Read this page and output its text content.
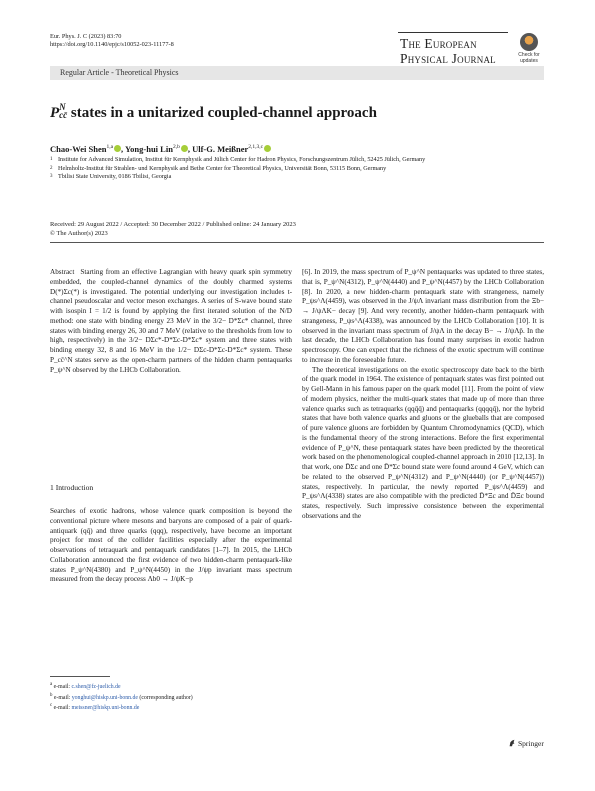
Eur. Phys. J. C (2023) 83:70
https://doi.org/10.1140/epjc/s10052-023-11177-8	The European
Physical Journal	Check for updates
Regular Article - Theoretical Physics
P N
cc̄ states in a unitarized coupled-channel approach
Chao-Wei Shen$^{1,a}$ , Yong-hui Lin$^{2,b}$ , Ulf-G. Meißner$^{2,1,3,c}$
1 Institute for Advanced Simulation, Institut für Kernphysik and Jülich Center for Hadron Physics, Forschungszentrum Jülich, 52425 Jülich, Germany
2 Helmholtz-Institut für Strahlen- und Kernphysik and Bethe Center for Theoretical Physics, Universität Bonn, 53115 Bonn, Germany
3 Tbilisi State University, 0186 Tbilisi, Georgia
Received: 29 August 2022 / Accepted: 30 December 2022 / Published online: 24 January 2023
© The Author(s) 2023

Abstract Starting from an effective Lagrangian with heavy quark spin symmetry embedded, the coupled-channel dynamics of the doubly charmed systems D(*)Σc(*) is investigated. The potential underlying our investigation includes t-channel pseudoscalar and vector meson exchanges. A series of S-wave bound state with isospin I = 1/2 is found by applying the first iterated solution of the N/D method: one state with binding energy 23 MeV in the 3/2− D*Σc* channel, three states with binding energy 26, 30 and 7 MeV (relative to the thresholds from low to high, respectively) in the 3/2− DΣc*-D*Σc-D*Σc* system and three states with binding energy 32, 8 and 16 MeV in the 1/2− DΣc-D*Σc-D*Σc* system. These P_cc̄^N states serve as the open-charm partners of the hidden charm pentaquarks P_ψ^N observed by the LHCb Collaboration.

1 Introduction

Searches of exotic hadrons, whose valence quark composition is beyond the conventional picture where mesons and baryons are composed of a pair of quark-antiquark (qq̄) and three quarks (qqq), respectively, have become an important project for most of the collider facilities especially after the experimental observations of tetraquark and pentaquark candidates [1–7]. In 2015, the LHCb Collaboration announced the first evidence of two hidden-charm pentaquark-like states P_ψ^N(4380) and P_ψ^N(4450) in the J/ψp invariant mass spectrum measured from the decay process Λb0 → J/ψK−p

[6]. In 2019, the mass spectrum of P_ψ^N pentaquarks was updated to three states, that is, P_ψ^N(4312), P_ψ^N(4440) and P_ψ^N(4457) by the LHCb Collaboration [8]. In 2020, a new hidden-charm pentaquark state with strangeness, namely P_ψs^Λ(4459), was observed in the J/ψΛ invariant mass distribution from the Ξb− → J/ψΛK− decay [9]. And very recently, another hidden-charm pentaquark with strangeness, P_ψs^Λ(4338), was announced by the LHCb Collaboration [10]. It is observed in the invariant mass spectrum of J/ψΛ in the decay B− → J/ψΛp̄. In the last decade, the LHCb Collaboration has found many surprises in exotic hadron spectroscopy. One can expect that the richness of the exotic spectrum will continue to increase in the foreseeable future.

The theoretical investigations on the exotic spectroscopy date back to the birth of the quark model in 1964. The existence of pentaquark states was first pointed out by Gell-Mann in his famous paper on the quark model [11]. From the point of view of modern physics, neither the multi-quark states that made up of more than three valence quarks such as tetraquarks (qqq̄q̄) and pentaquarks (qqqqq̄), nor the hybrid states that have both valence quarks and gluons or the glueballs that are composed of pure valence gluons are forbidden by Quantum Chromodynamics (QCD), which is the fundamental theory of the strong interactions. Before the first experimental evidence of P_ψ^N, these pentaquark states have been predicted by the theoretical work based on the phenomenological coupled-channel approach in 2010 [12,13]. In that work, one D̄Σc and one D̄*Σc bound state were found around 4 GeV, which can be related to the observed P_ψ^N(4312) and P_ψ^N(4440) (or P_ψ^N(4457)) states, respectively. In particular, the newly reported P_ψs^Λ(4459) and P_ψs^Λ(4338) states are also compatible with the predicted D̄*Ξc and D̄Ξc bound states, respectively. Such impressive consistence between the experimental observations and the

$^a$ e-mail: c.shen@fz-juelich.de
$^b$ e-mail: yonghui@hiskp.uni-bonn.de (corresponding author)
$^c$ e-mail: meissner@hiskp.uni-bonn.de
Springer
